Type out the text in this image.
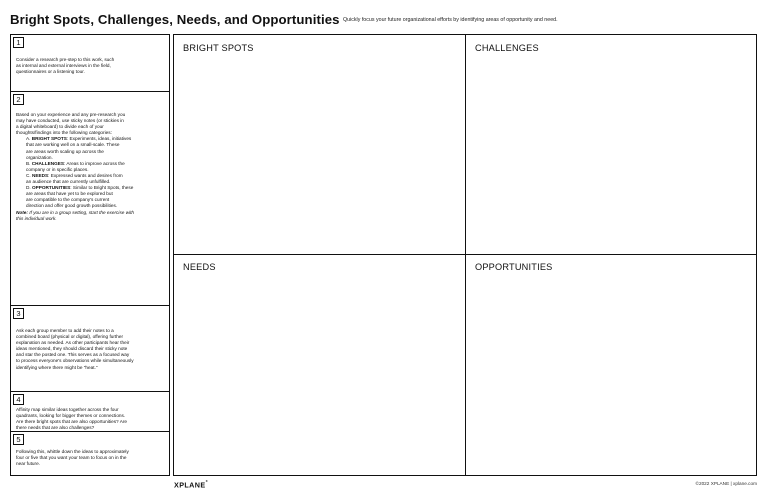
Bright Spots, Challenges, Needs, and Opportunities Quickly focus your future organizational efforts by identifying areas of opportunity and need.
1
Consider a research pre-step to this work, such
as internal and external interviews in the field,
questionnaires or a listening tour.
2
Based on your experience and any pre-research you
may have conducted, use sticky notes (or stickies in
a digital whiteboard) to divide each of your
thoughts/findings into the following categories:
A. BRIGHT SPOTS: Experiments, ideas, initiatives
that are working well on a small-scale. These
are areas worth scaling up across the
organization.
B. CHALLENGES: Areas to improve across the
company or in specific places.
C. NEEDS: Expressed wants and desires from
an audience that are currently unfulfilled.
D. OPPORTUNITIES: Similar to Bright Spots, these
are areas that have yet to be explored but
are compatible to the company's current
direction and offer good growth possibilities.
Note: If you are in a group setting, start the exercise with
this individual work.
3
Ask each group member to add their notes to a
combined board (physical or digital), offering further
explanation as needed. As other participants hear their
ideas mentioned, they should discard their sticky note
and star the posted one. This serves as a focused way
to process everyone's observations while simultaneously
identifying where there might be "heat."
4
Affinity map similar ideas together across the four
quadrants, looking for bigger themes or connections.
Are there bright spots that are also opportunities? Are
there needs that are also challenges?
5
Following this, whittle down the ideas to approximately
four or five that you want your team to focus on in the
near future.
BRIGHT SPOTS	CHALLENGES
NEEDS	OPPORTUNITIES
XPLANE°	©2022 XPLANE | xplane.com
